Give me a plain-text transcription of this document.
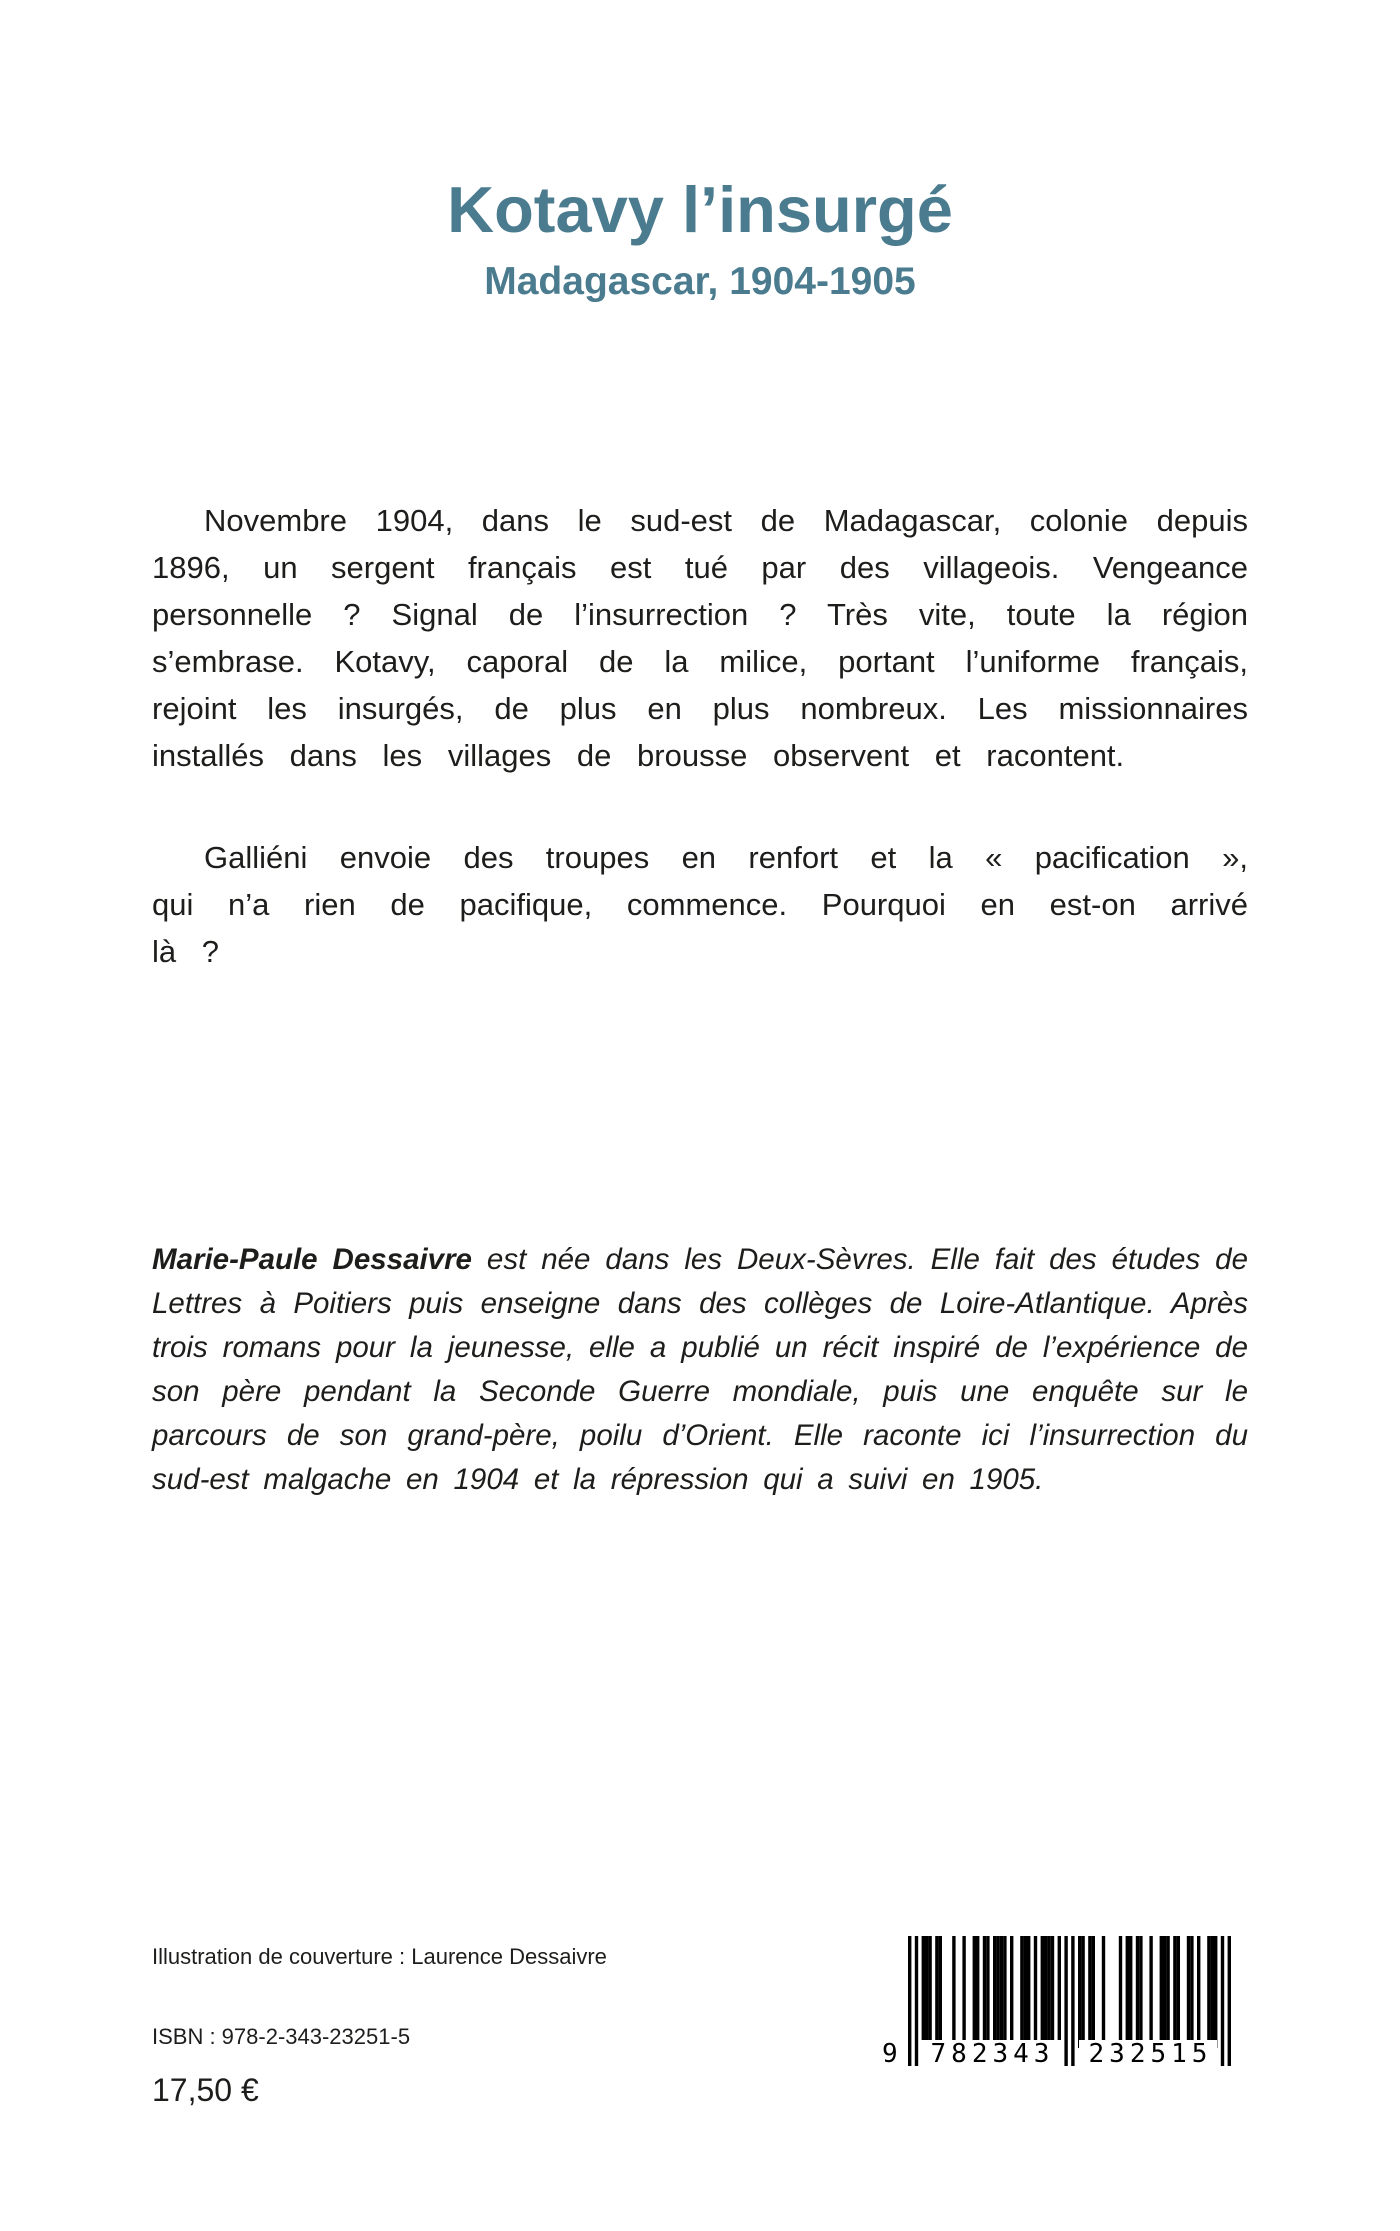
Kotavy l’insurgé
Madagascar, 1904-1905

Novembre 1904, dans le sud-est de Madagascar, colonie depuis 1896, un sergent français est tué par des villageois. Vengeance personnelle ? Signal de l’insurrection ? Très vite, toute la région s’embrase. Kotavy, caporal de la milice, portant l’uniforme français, rejoint les insurgés, de plus en plus nombreux. Les missionnaires installés dans les villages de brousse observent et racontent.

Galliéni envoie des troupes en renfort et la « pacification », qui n’a rien de pacifique, commence. Pourquoi en est-on arrivé là ?

Marie-Paule Dessaivre est née dans les Deux-Sèvres. Elle fait des études de Lettres à Poitiers puis enseigne dans des collèges de Loire-Atlantique. Après trois romans pour la jeunesse, elle a publié un récit inspiré de l’expérience de son père pendant la Seconde Guerre mondiale, puis une enquête sur le parcours de son grand-père, poilu d’Orient. Elle raconte ici l’insurrection du sud-est malgache en 1904 et la répression qui a suivi en 1905.

Illustration de couverture : Laurence Dessaivre
ISBN : 978-2-343-23251-5
17,50 €
9	782343	232515
